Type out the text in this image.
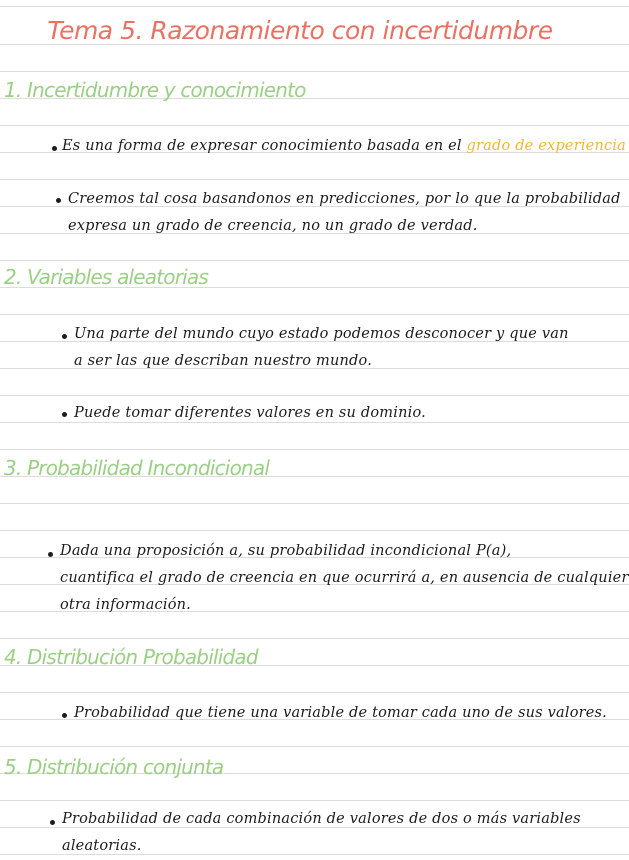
Tema 5. Razonamiento con incertidumbre
1. Incertidumbre y conocimiento
Es una forma de expresar conocimiento basada en el grado de experiencia
Creemos tal cosa basandonos en predicciones, por lo que la probabilidad
expresa un grado de creencia, no un grado de verdad.
2. Variables aleatorias
Una parte del mundo cuyo estado podemos desconocer y que van
a ser las que describan nuestro mundo.
Puede tomar diferentes valores en su dominio.
3. Probabilidad Incondicional
Dada una proposición a, su probabilidad incondicional P(a),
cuantifica el grado de creencia en que ocurrirá a, en ausencia de cualquier
otra información.
4. Distribución Probabilidad
Probabilidad que tiene una variable de tomar cada uno de sus valores.
5. Distribución conjunta
Probabilidad de cada combinación de valores de dos o más variables
aleatorias.
